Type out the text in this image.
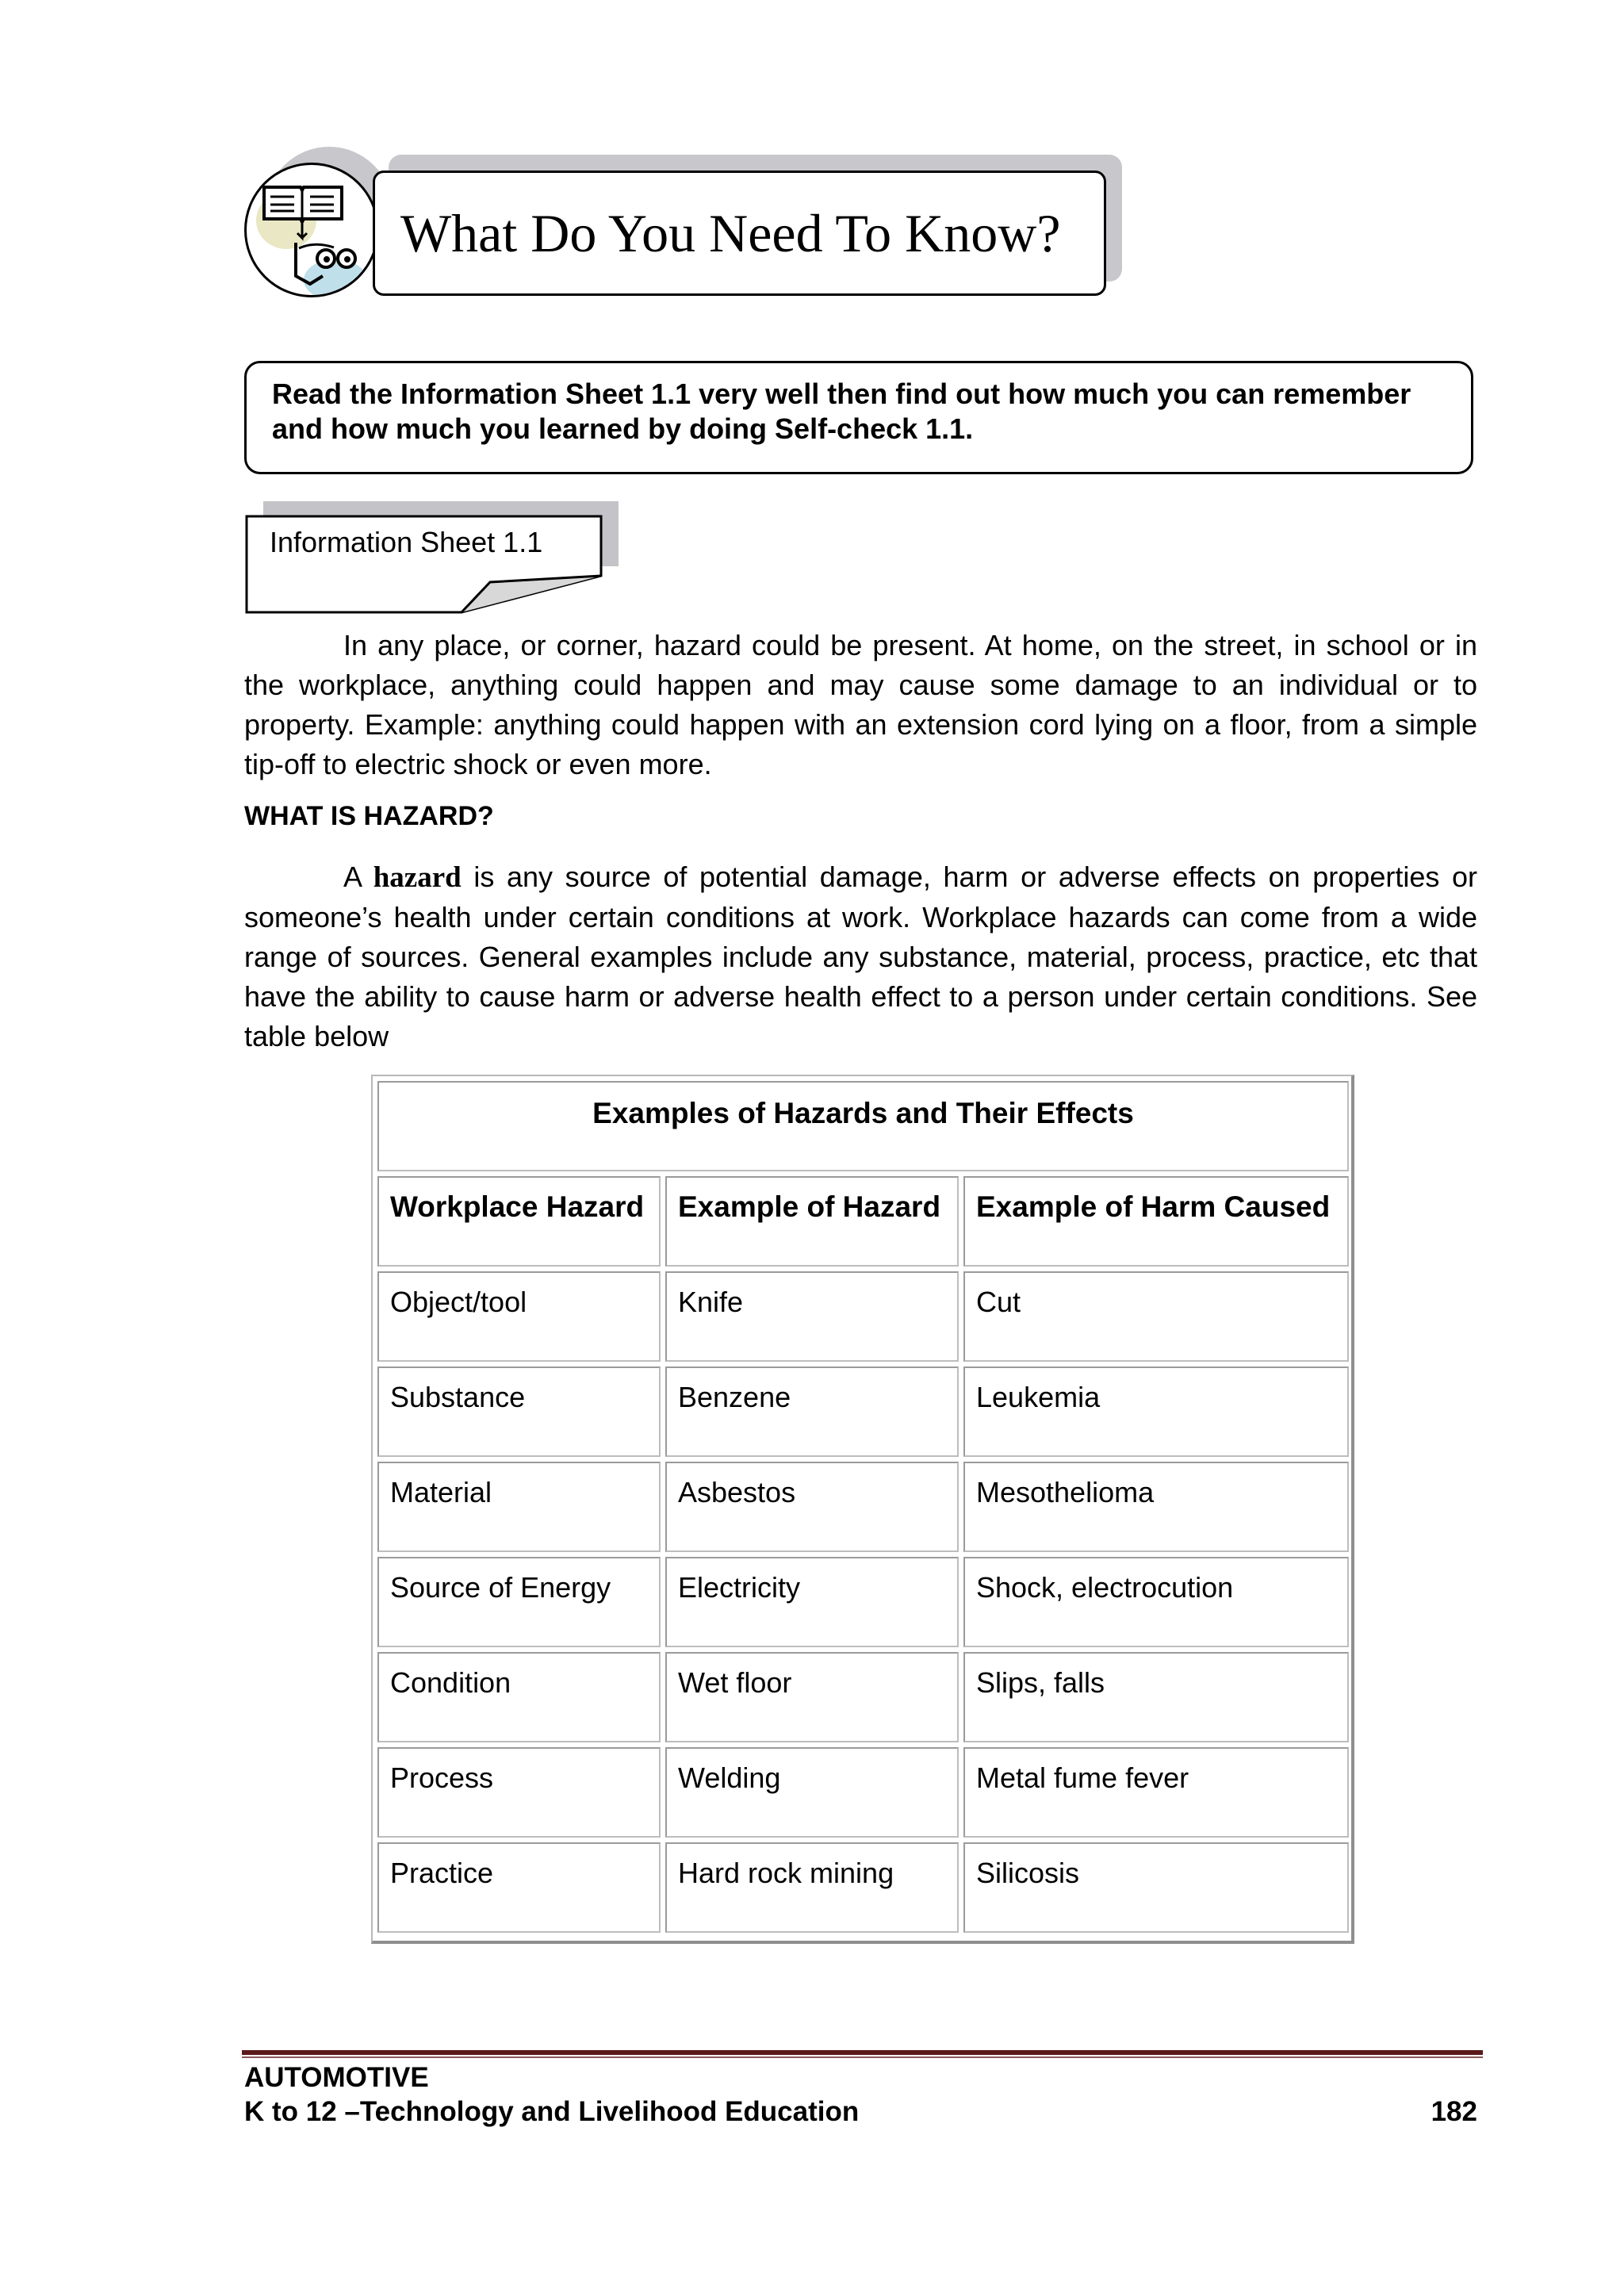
What Do You Need To Know?
Read the Information Sheet 1.1 very well then find out how much you can remember and how much you learned by doing Self-check 1.1.
Information Sheet 1.1
In any place, or corner, hazard could be present. At home, on the street, in school or in the workplace, anything could happen and may cause some damage to an individual or to property. Example: anything could happen with an extension cord lying on a floor, from a simple tip-off to electric shock or even more.
WHAT IS HAZARD?
A hazard is any source of potential damage, harm or adverse effects on properties or someone’s health under certain conditions at work. Workplace hazards can come from a wide range of sources. General examples include any substance, material, process, practice, etc that have the ability to cause harm or adverse health effect to a person under certain conditions. See table below
Examples of Hazards and Their Effects
Workplace Hazard	Example of Hazard	Example of Harm Caused
Object/tool	Knife	Cut
Substance	Benzene	Leukemia
Material	Asbestos	Mesothelioma
Source of Energy	Electricity	Shock, electrocution
Condition	Wet floor	Slips, falls
Process	Welding	Metal fume fever
Practice	Hard rock mining	Silicosis
AUTOMOTIVE
K to 12 –Technology and Livelihood Education	182
